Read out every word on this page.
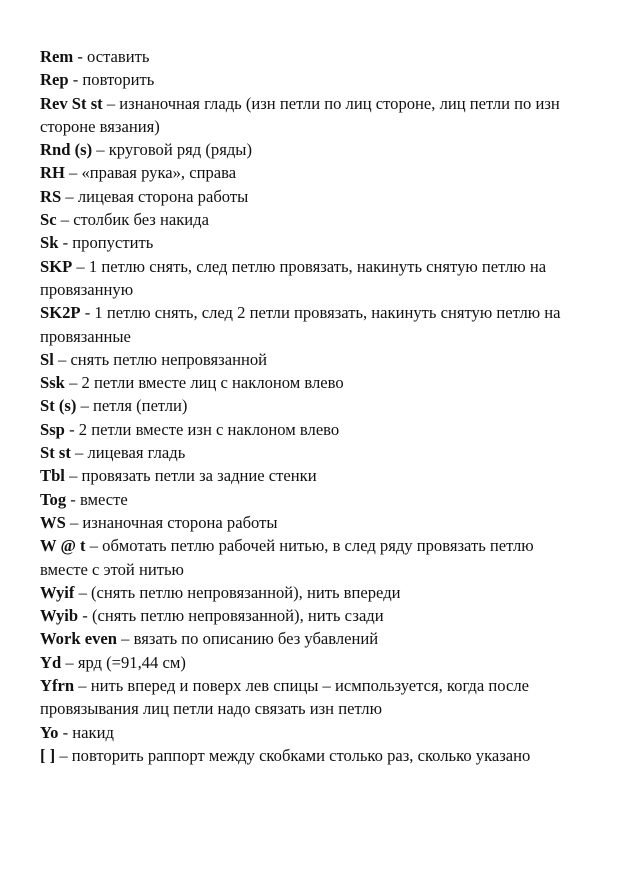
Rem - оставить
Rep - повторить
Rev St st – изнаночная гладь (изн петли по лиц стороне, лиц петли по изн стороне вязания)
Rnd (s) – круговой ряд (ряды)
RH – «правая рука», справа
RS – лицевая сторона работы
Sc – столбик без накида
Sk - пропустить
SKP – 1 петлю снять, след петлю провязать, накинуть снятую петлю на провязанную
SK2P - 1 петлю снять, след 2 петли провязать, накинуть снятую петлю на провязанные
Sl – снять петлю непровязанной
Ssk – 2 петли вместе лиц с наклоном влево
St (s) – петля (петли)
Ssp - 2 петли вместе изн с наклоном влево
St st – лицевая гладь
Tbl – провязать петли за задние стенки
Tog - вместе
WS – изнаночная сторона работы
W @ t – обмотать петлю рабочей нитью, в след ряду провязать петлю вместе с этой нитью
Wyif – (снять петлю непровязанной), нить впереди
Wyib - (снять петлю непровязанной), нить сзади
Work even – вязать по описанию без убавлений
Yd – ярд (=91,44 см)
Yfrn – нить вперед и поверх лев спицы – исмпользуется, когда после провязывания лиц петли надо связать изн петлю
Yo - накид
[ ] – повторить раппорт между скобками столько раз, сколько указано
